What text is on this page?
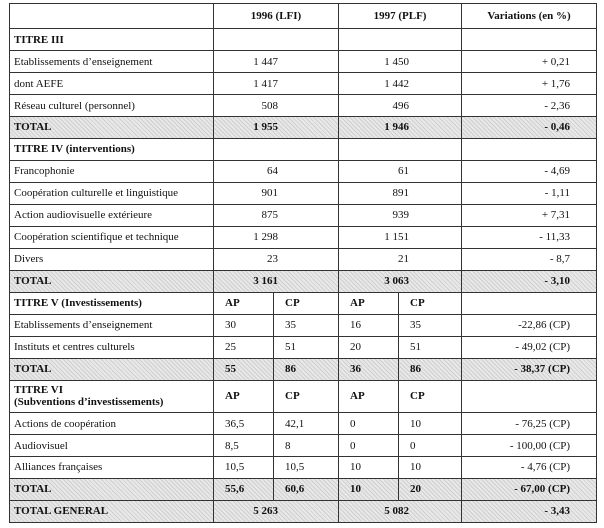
	1996 (LFI)		1997 (PLF)		Variations (en %)
TITRE III					
Etablissements d’enseignement	1 447		1 450		+ 0,21
dont AEFE	1 417		1 442		+ 1,76
Réseau culturel (personnel)	508		496		- 2,36
TOTAL	1 955		1 946		- 0,46
TITRE IV (interventions)					
Francophonie	64		61		- 4,69
Coopération culturelle et linguistique	901		891		- 1,11
Action audiovisuelle extérieure	875		939		+ 7,31
Coopération scientifique et technique	1 298		1 151		- 11,33
Divers	23		21		- 8,7
TOTAL	3 161		3 063		- 3,10
TITRE V (Investissements)	AP	CP	AP	CP	
Etablissements d’enseignement	30	35	16	35	-22,86 (CP)
Instituts et centres culturels	25	51	20	51	- 49,02 (CP)
TOTAL	55	86	36	86	- 38,37 (CP)
TITRE VI
(Subventions d’investissements)	AP	CP	AP	CP	
Actions de coopération	36,5	42,1	0	10	- 76,25 (CP)
Audiovisuel	8,5	8	0	0	- 100,00 (CP)
Alliances françaises	10,5	10,5	10	10	- 4,76 (CP)
TOTAL	55,6	60,6	10	20	- 67,00 (CP)
TOTAL GENERAL	5 263		5 082		- 3,43
